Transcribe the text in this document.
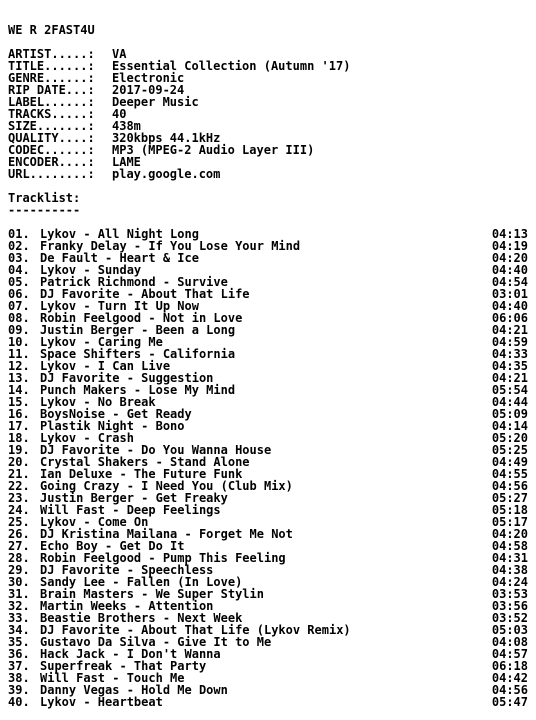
WE R 2FAST4U
ARTIST.....:	VA
TITLE......:	Essential Collection (Autumn '17)
GENRE......:	Electronic
RIP DATE...:	2017-09-24
LABEL......:	Deeper Music
TRACKS.....:	40
SIZE.......:	438m
QUALITY....:	320kbps 44.1kHz
CODEC......:	MP3 (MPEG-2 Audio Layer III)
ENCODER....:	LAME
URL........:	play.google.com
Tracklist:
----------
01. Lykov - All Night Long	04:13
02. Franky Delay - If You Lose Your Mind	04:19
03. De Fault - Heart & Ice	04:20
04. Lykov - Sunday	04:40
05. Patrick Richmond - Survive	04:54
06. DJ Favorite - About That Life	03:01
07. Lykov - Turn It Up Now	04:40
08. Robin Feelgood - Not in Love	06:06
09. Justin Berger - Been a Long	04:21
10. Lykov - Caring Me	04:59
11. Space Shifters - California	04:33
12. Lykov - I Can Live	04:35
13. DJ Favorite - Suggestion	04:21
14. Punch Makers - Lose My Mind	05:54
15. Lykov - No Break	04:44
16. BoysNoise - Get Ready	05:09
17. Plastik Night - Bono	04:14
18. Lykov - Crash	05:20
19. DJ Favorite - Do You Wanna House	05:25
20. Crystal Shakers - Stand Alone	04:49
21. Ian Deluxe - The Future Funk	04:55
22. Going Crazy - I Need You (Club Mix)	04:56
23. Justin Berger - Get Freaky	05:27
24. Will Fast - Deep Feelings	05:18
25. Lykov - Come On	05:17
26. DJ Kristina Mailana - Forget Me Not	04:20
27. Echo Boy - Get Do It	04:58
28. Robin Feelgood - Pump This Feeling	04:31
29. DJ Favorite - Speechless	04:38
30. Sandy Lee - Fallen (In Love)	04:24
31. Brain Masters - We Super Stylin	03:53
32. Martin Weeks - Attention	03:56
33. Beastie Brothers - Next Week	03:52
34. DJ Favorite - About That Life (Lykov Remix)	05:03
35. Gustavo Da Silva - Give It to Me	04:08
36. Hack Jack - I Don't Wanna	04:57
37. Superfreak - That Party	06:18
38. Will Fast - Touch Me	04:42
39. Danny Vegas - Hold Me Down	04:56
40. Lykov - Heartbeat	05:47
